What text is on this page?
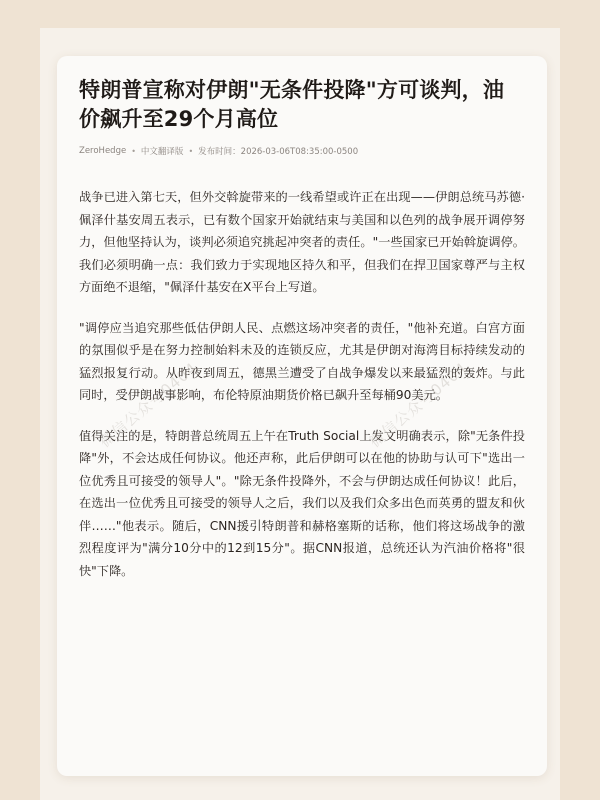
特朗普宣称对伊朗"无条件投降"方可谈判，油价飙升至29个月高位
ZeroHedge • 中文翻译版 • 发布时间：2026-03-06T08:35:00-0500

战争已进入第七天，但外交斡旋带来的一线希望或许正在出现——伊朗总统马苏德·佩泽什基安周五表示，已有数个国家开始就结束与美国和以色列的战争展开调停努力，但他坚持认为，谈判必须追究挑起冲突者的责任。"一些国家已开始斡旋调停。我们必须明确一点：我们致力于实现地区持久和平，但我们在捍卫国家尊严与主权方面绝不退缩，"佩泽什基安在X平台上写道。

"调停应当追究那些低估伊朗人民、点燃这场冲突者的责任，"他补充道。白宫方面的氛围似乎是在努力控制始料未及的连锁反应，尤其是伊朗对海湾目标持续发动的猛烈报复行动。从昨夜到周五，德黑兰遭受了自战争爆发以来最猛烈的轰炸。与此同时，受伊朗战事影响，布伦特原油期货价格已飙升至每桶90美元。

值得关注的是，特朗普总统周五上午在Truth Social上发文明确表示，除"无条件投降"外，不会达成任何协议。他还声称，此后伊朗可以在他的协助与认可下"选出一位优秀且可接受的领导人"。"除无条件投降外，不会与伊朗达成任何协议！此后，在选出一位优秀且可接受的领导人之后，我们以及我们众多出色而英勇的盟友和伙伴……"他表示。随后，CNN援引特朗普和赫格塞斯的话称，他们将这场战争的激烈程度评为"满分10分中的12到15分"。据CNN报道，总统还认为汽油价格将"很快"下降。

微信公众号0404	微信公众号0404
